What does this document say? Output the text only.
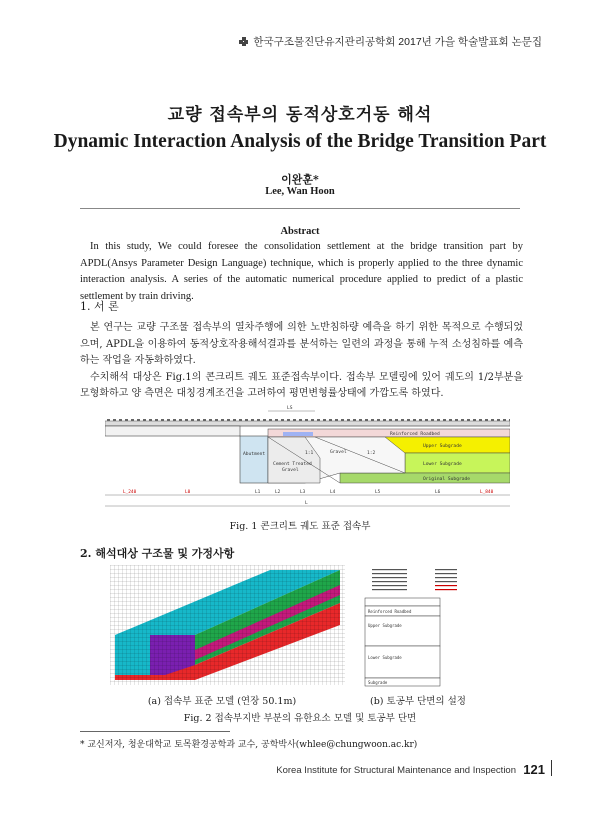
한국구조물진단유지관리공학회 2017년 가을 학술발표회 논문집
교량 접속부의 동적상호거동 해석
Dynamic Interaction Analysis of the Bridge Transition Part
이완훈*
Lee, Wan Hoon
Abstract
In this study, We could foresee the consolidation settlement at the bridge transition part by APDL(Ansys Parameter Design Language) technique, which is properly applied to the three dynamic interaction analysis. A series of the automatic numerical procedure applied to predict of a plastic settlement by train driving.
1. 서 론

본 연구는 교량 구조물 접속부의 열차주행에 의한 노반침하량 예측을 하기 위한 목적으로 수행되었으며, APDL을 이용하여 동적상호작용해석결과를 분석하는 일련의 과정을 통해 누적 소성침하를 예측하는 작업을 자동화하였다.

수치해석 대상은 Fig.1의 콘크리트 궤도 표준접속부이다. 접속부 모델링에 있어 궤도의 1/2부분을 모형화하고 양 측면은 대칭경계조건을 고려하여 평면변형률상태에 가깝도록 하였다.

Reinforced Roadbed
Upper Subgrade
Lower Subgrade
Original Subgrade
Abutment
Cement Treated
Gravel
Gravel
1:1	1:2
LS
L
L_240	L0	L1	L2	L3	L4	L5	L6	L_840
Fig. 1 콘크리트 궤도 표준 접속부
2. 해석대상 구조물 및 가정사항
Reinforced Roadbed
Upper Subgrade
Lower Subgrade
Subgrade
(a) 접속부 표준 모델 (연장 50.1m)	(b) 토공부 단면의 설정
Fig. 2 접속부지반 부분의 유한요소 모델 및 토공부 단면
* 교신저자, 청운대학교 토목환경공학과 교수, 공학박사(whlee@chungwoon.ac.kr)
Korea Institute for Structural Maintenance and Inspection 121
